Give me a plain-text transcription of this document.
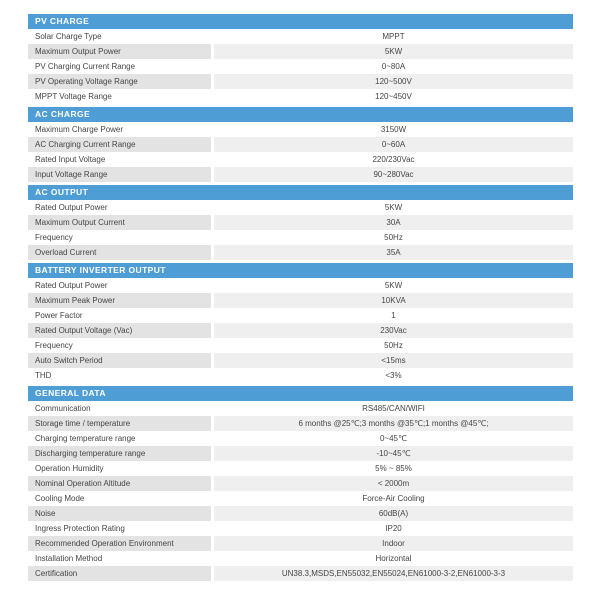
PV CHARGE
Solar Charge Type	MPPT
Maximum Output Power	5KW
PV Charging Current Range	0~80A
PV Operating Voltage Range	120~500V
MPPT Voltage Range	120~450V
AC CHARGE
Maximum Charge Power	3150W
AC Charging Current Range	0~60A
Rated Input Voltage	220/230Vac
Input Voltage Range	90~280Vac
AC OUTPUT
Rated Output Power	5KW
Maximum Output Current	30A
Frequency	50Hz
Overload Current	35A
BATTERY INVERTER OUTPUT
Rated Output Power	5KW
Maximum Peak Power	10KVA
Power Factor	1
Rated Output Voltage (Vac)	230Vac
Frequency	50Hz
Auto Switch Period	<15ms
THD	<3%
GENERAL DATA
Communication	RS485/CAN/WIFI
Storage time / temperature	6 months @25℃;3 months @35℃;1 months @45℃;
Charging temperature range	0~45℃
Discharging temperature range	-10~45℃
Operation Humidity	5% ~ 85%
Nominal Operation Altitude	< 2000m
Cooling Mode	Force-Air Cooling
Noise	60dB(A)
Ingress Protection Rating	IP20
Recommended Operation Environment	Indoor
Installation Method	Horizontal
Certification	UN38.3,MSDS,EN55032,EN55024,EN61000-3-2,EN61000-3-3
